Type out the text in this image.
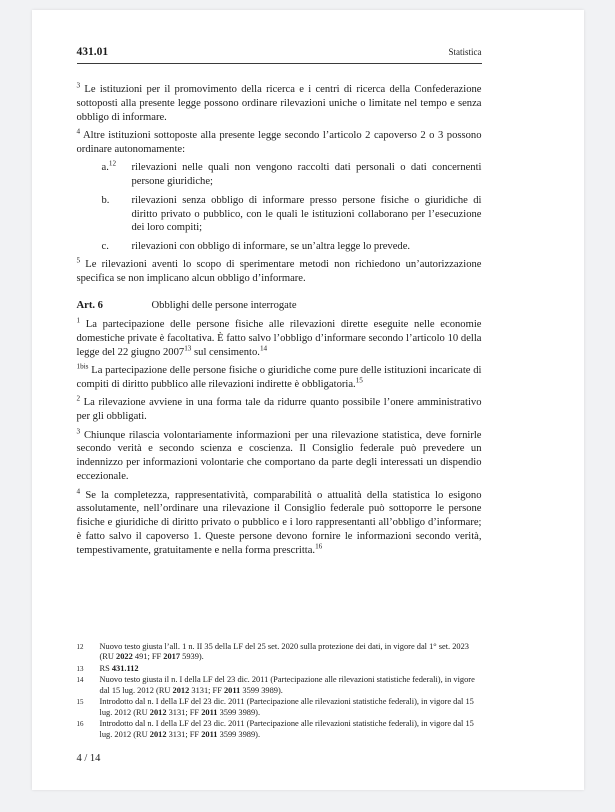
431.01	Statistica

$^3$ Le istituzioni per il promovimento della ricerca e i centri di ricerca della Confederazione sottoposti alla presente legge possono ordinare rilevazioni uniche o limitate nel tempo e senza obbligo di informare.

$^4$ Altre istituzioni sottoposte alla presente legge secondo l’articolo 2 capoverso 2 o 3 possono ordinare autonomamente:

a.$^{12}$	rilevazioni nelle quali non vengono raccolti dati personali o dati concernenti persone giuridiche;
b.	rilevazioni senza obbligo di informare presso persone fisiche o giuridiche di diritto privato o pubblico, con le quali le istituzioni collaborano per l’esecuzione dei loro compiti;
c.	rilevazioni con obbligo di informare, se un’altra legge lo prevede.

$^5$ Le rilevazioni aventi lo scopo di sperimentare metodi non richiedono un’autorizzazione specifica se non implicano alcun obbligo d’informare.

Art. 6	Obblighi delle persone interrogate

$^1$ La partecipazione delle persone fisiche alle rilevazioni dirette eseguite nelle economie domestiche private è facoltativa. È fatto salvo l’obbligo d’informare secondo l’articolo 10 della legge del 22 giugno 2007$^{13}$ sul censimento.$^{14}$

$^{1bis}$ La partecipazione delle persone fisiche o giuridiche come pure delle istituzioni incaricate di compiti di diritto pubblico alle rilevazioni indirette è obbligatoria.$^{15}$

$^2$ La rilevazione avviene in una forma tale da ridurre quanto possibile l’onere amministrativo per gli obbligati.

$^3$ Chiunque rilascia volontariamente informazioni per una rilevazione statistica, deve fornirle secondo verità e secondo scienza e coscienza. Il Consiglio federale può prevedere un indennizzo per informazioni volontarie che comportano da parte degli interessati un dispendio eccezionale.

$^4$ Se la completezza, rappresentatività, comparabilità o attualità della statistica lo esigono assolutamente, nell’ordinare una rilevazione il Consiglio federale può sottoporre le persone fisiche e giuridiche di diritto privato o pubblico e i loro rappresentanti all’obbligo d’informare; è fatto salvo il capoverso 1. Queste persone devono fornire le informazioni secondo verità, tempestivamente, gratuitamente e nella forma prescritta.$^{16}$

12	Nuovo testo giusta l’all. 1 n. II 35 della LF del 25 set. 2020 sulla protezione dei dati, in vigore dal 1° set. 2023 (RU 2022 491; FF 2017 5939).
13	RS 431.112
14	Nuovo testo giusta il n. I della LF del 23 dic. 2011 (Partecipazione alle rilevazioni statistiche federali), in vigore dal 15 lug. 2012 (RU 2012 3131; FF 2011 3599 3989).
15	Introdotto dal n. I della LF del 23 dic. 2011 (Partecipazione alle rilevazioni statistiche federali), in vigore dal 15 lug. 2012 (RU 2012 3131; FF 2011 3599 3989).
16	Introdotto dal n. I della LF del 23 dic. 2011 (Partecipazione alle rilevazioni statistiche federali), in vigore dal 15 lug. 2012 (RU 2012 3131; FF 2011 3599 3989).
4 / 14
